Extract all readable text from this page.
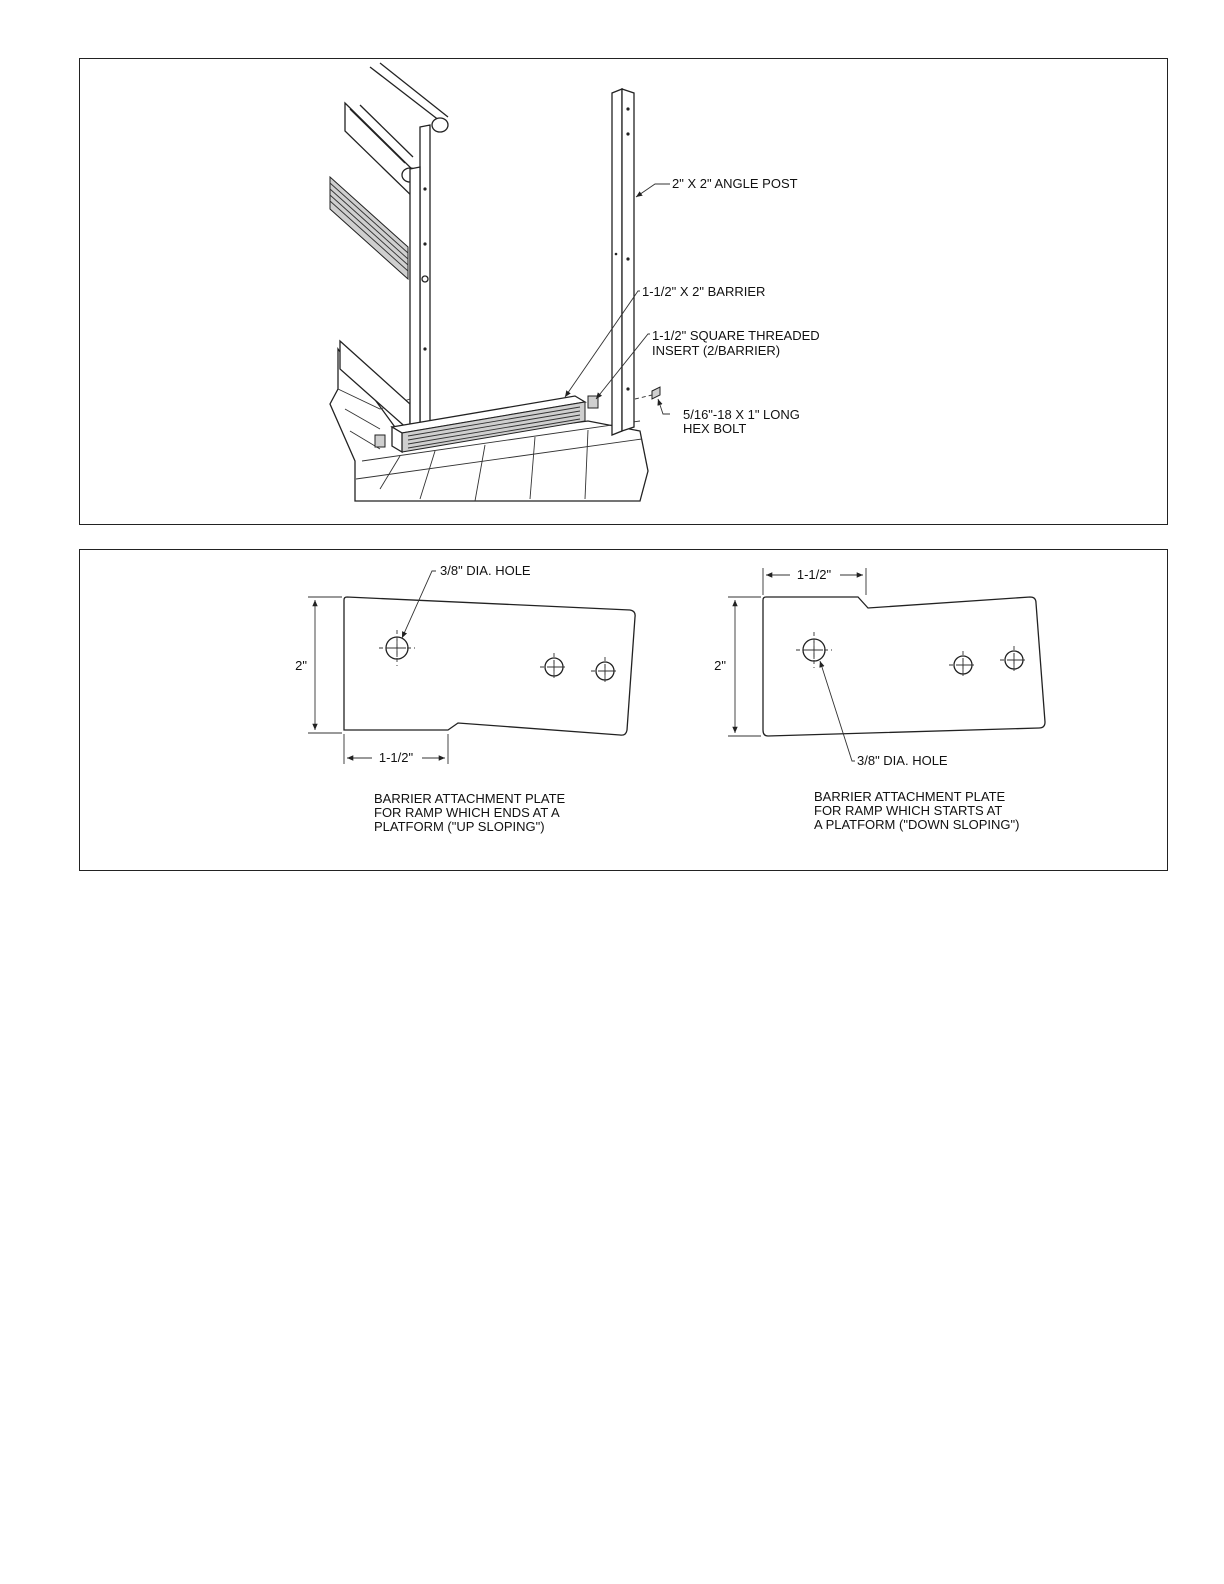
2" X 2" ANGLE POST
1-1/2" X 2" BARRIER
1-1/2" SQUARE THREADED
INSERT (2/BARRIER)
5/16"-18 X 1" LONG
HEX BOLT
3/8" DIA. HOLE
2"
1-1/2"
BARRIER ATTACHMENT PLATE
FOR RAMP WHICH ENDS AT A
PLATFORM ("UP SLOPING")
3/8" DIA. HOLE
1-1/2"
2"
BARRIER ATTACHMENT PLATE
FOR RAMP WHICH STARTS AT
A PLATFORM ("DOWN SLOPING")
